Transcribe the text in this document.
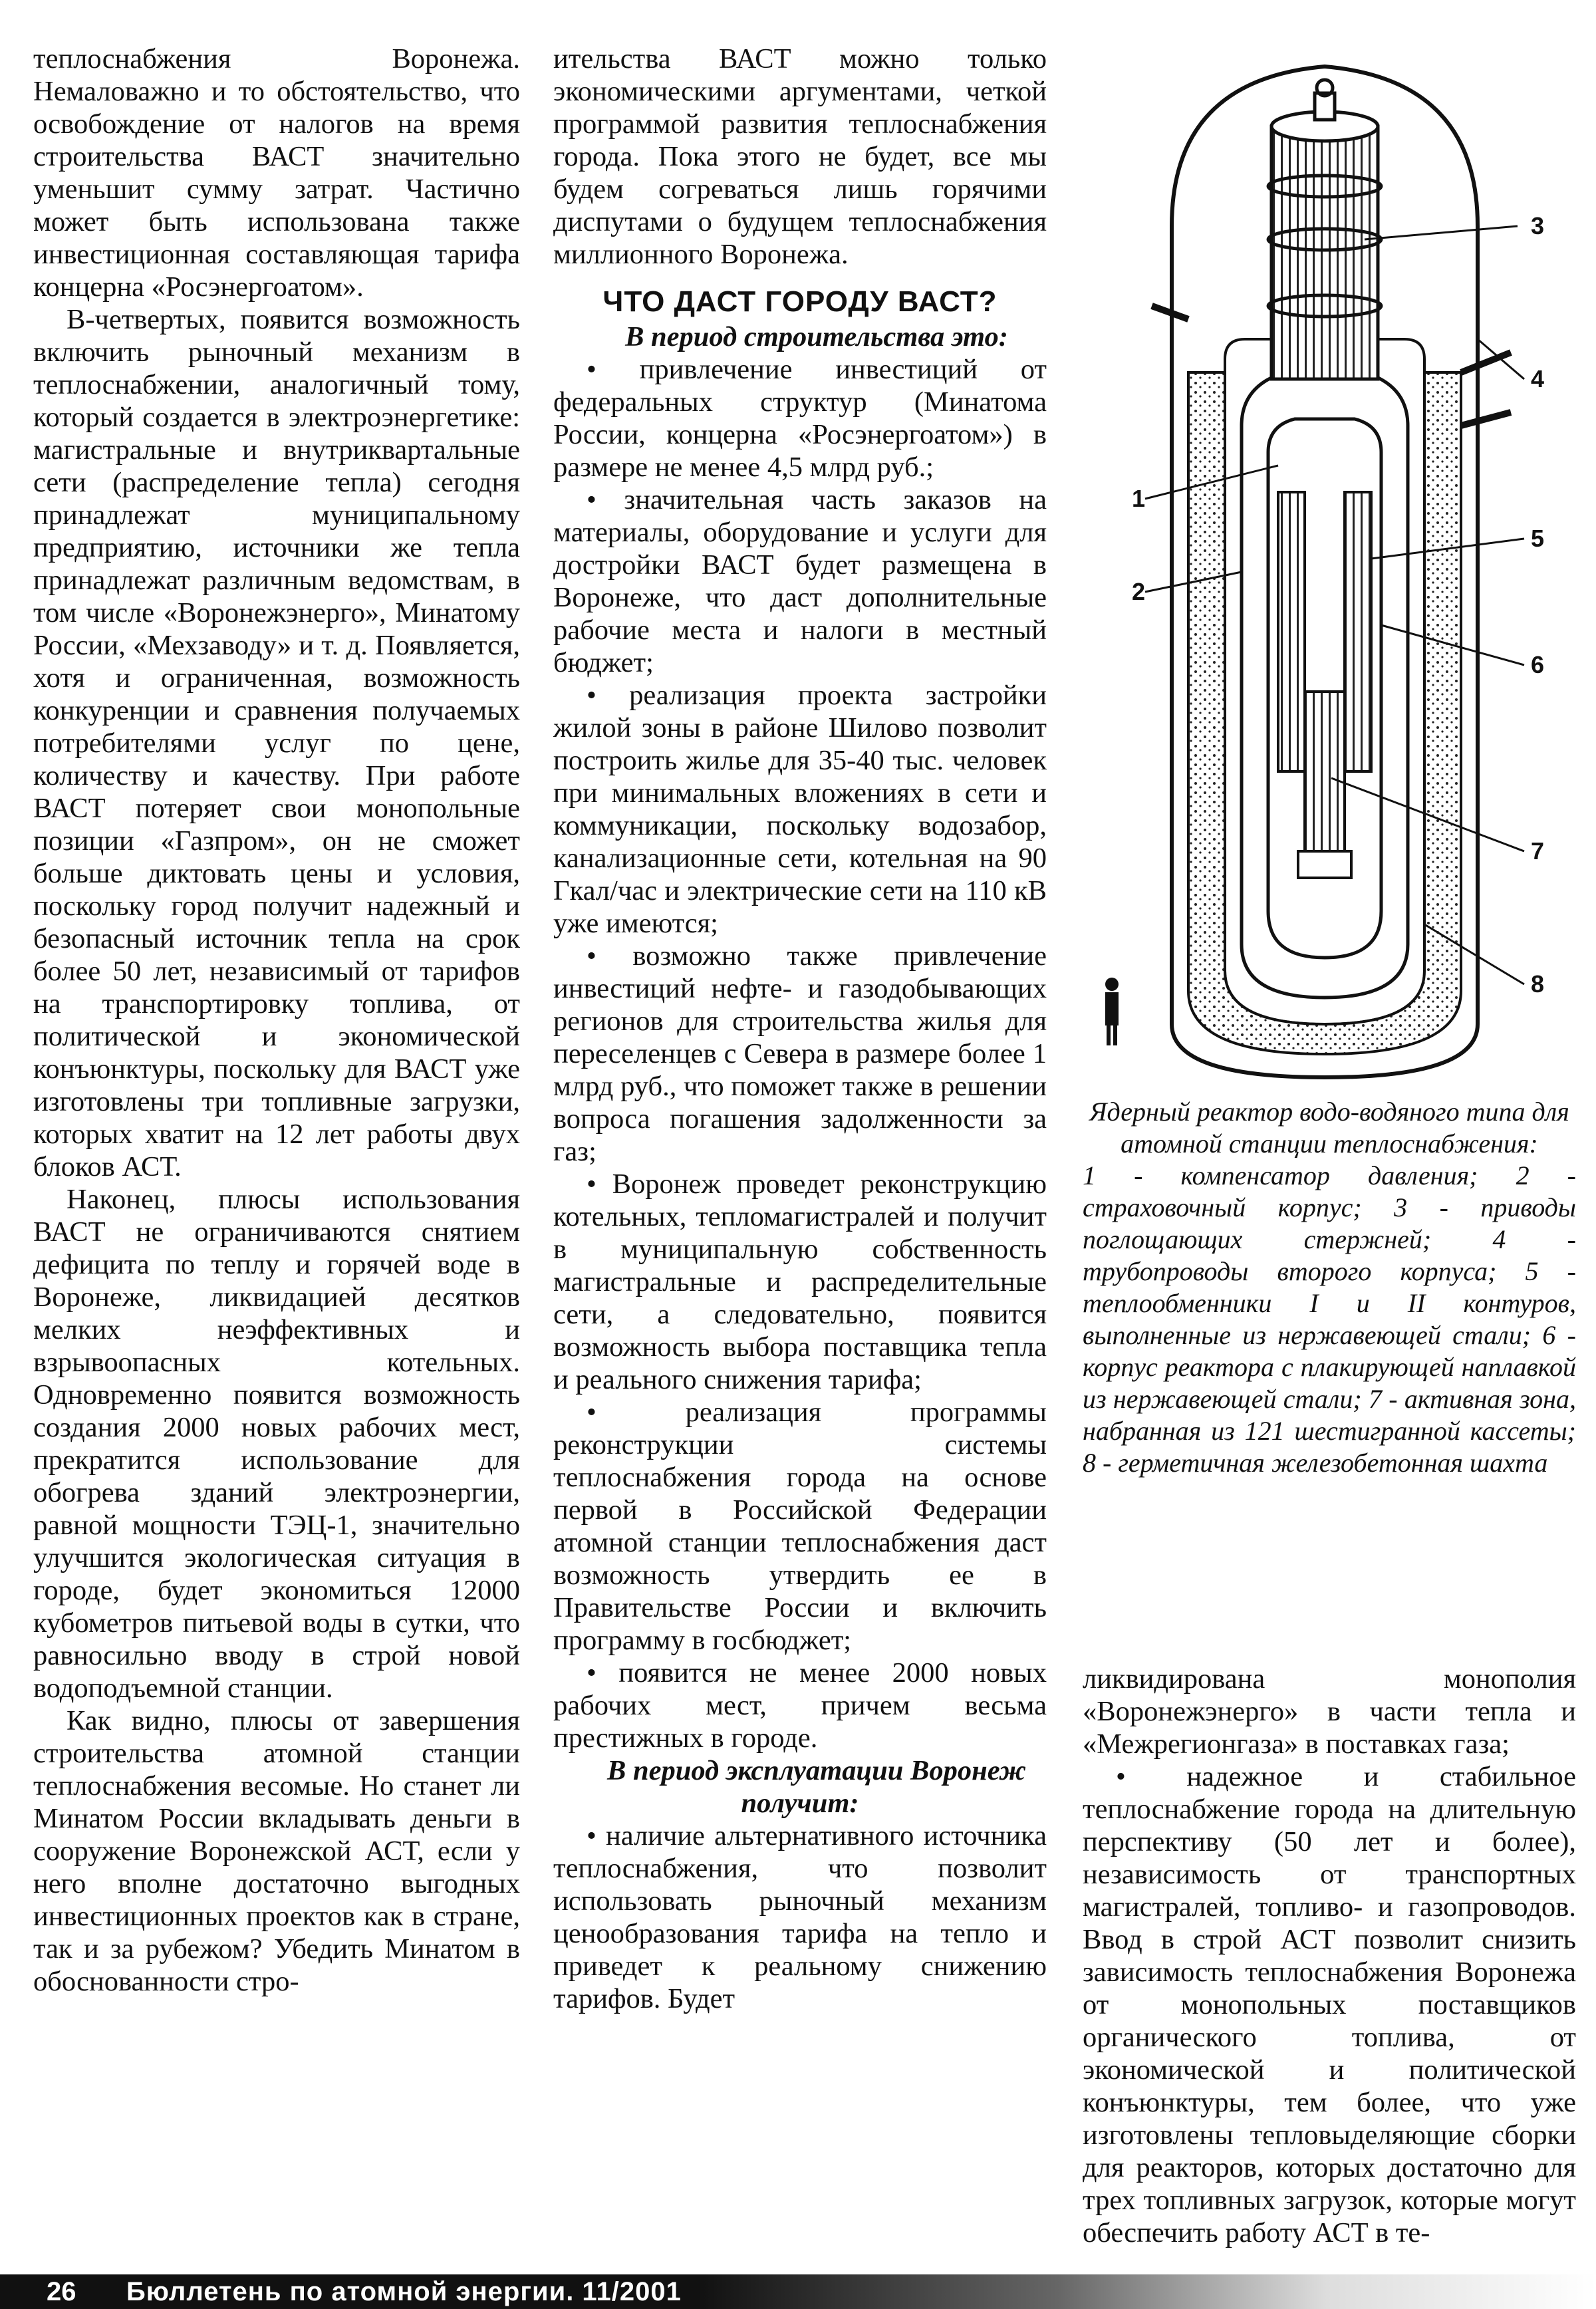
теплоснабжения Воронежа. Немаловажно и то обстоятельство, что освобождение от налогов на время строительства ВАСТ значительно уменьшит сумму затрат. Частично может быть использована также инвестиционная составляющая тарифа концерна «Росэнергоатом».

В-четвертых, появится возможность включить рыночный механизм в теплоснабжении, аналогичный тому, который создается в электроэнергетике: магистральные и внутриквартальные сети (распределение тепла) сегодня принадлежат муниципальному предприятию, источники же тепла принадлежат различным ведомствам, в том числе «Воронежэнерго», Минатому России, «Мехзаводу» и т. д. Появляется, хотя и ограниченная, возможность конкуренции и сравнения получаемых потребителями услуг по цене, количеству и качеству. При работе ВАСТ потеряет свои монопольные позиции «Газпром», он не сможет больше диктовать цены и условия, поскольку город получит надежный и безопасный источник тепла на срок более 50 лет, независимый от тарифов на транспортировку топлива, от политической и экономической конъюнктуры, поскольку для ВАСТ уже изготовлены три топливные загрузки, которых хватит на 12 лет работы двух блоков АСТ.

Наконец, плюсы использования ВАСТ не ограничиваются снятием дефицита по теплу и горячей воде в Воронеже, ликвидацией десятков мелких неэффективных и взрывоопасных котельных. Одновременно появится возможность создания 2000 новых рабочих мест, прекратится использование для обогрева зданий электроэнергии, равной мощности ТЭЦ-1, значительно улучшится экологическая ситуация в городе, будет экономиться 12000 кубометров питьевой воды в сутки, что равносильно вводу в строй новой водоподъемной станции.

Как видно, плюсы от завершения строительства атомной станции теплоснабжения весомые. Но станет ли Минатом России вкладывать деньги в сооружение Воронежской АСТ, если у него вполне достаточно выгодных инвестиционных проектов как в стране, так и за рубежом? Убедить Минатом в обоснованности стро-

ительства ВАСТ можно только экономическими аргументами, четкой программой развития теплоснабжения города. Пока этого не будет, все мы будем согреваться лишь горячими диспутами о будущем теплоснабжения миллионного Воронежа.

ЧТО ДАСТ ГОРОДУ ВАСТ?

В период строительства это:

• привлечение инвестиций от федеральных структур (Минатома России, концерна «Росэнергоатом») в размере не менее 4,5 млрд руб.;

• значительная часть заказов на материалы, оборудование и услуги для достройки ВАСТ будет размещена в Воронеже, что даст дополнительные рабочие места и налоги в местный бюджет;

• реализация проекта застройки жилой зоны в районе Шилово позволит построить жилье для 35-40 тыс. человек при минимальных вложениях в сети и коммуникации, поскольку водозабор, канализационные сети, котельная на 90 Гкал/час и электрические сети на 110 кВ уже имеются;

• возможно также привлечение инвестиций нефте- и газодобывающих регионов для строительства жилья для переселенцев с Севера в размере более 1 млрд руб., что поможет также в решении вопроса погашения задолженности за газ;

• Воронеж проведет реконструкцию котельных, тепломагистралей и получит в муниципальную собственность магистральные и распределительные сети, а следовательно, появится возможность выбора поставщика тепла и реального снижения тарифа;

• реализация программы реконструкции системы теплоснабжения города на основе первой в Российской Федерации атомной станции теплоснабжения даст возможность утвердить ее в Правительстве России и включить программу в госбюджет;

• появится не менее 2000 новых рабочих мест, причем весьма престижных в городе.

В период эксплуатации Воронеж получит:

• наличие альтернативного источника теплоснабжения, что позволит использовать рыночный механизм ценообразования тарифа на тепло и приведет к реальному снижению тарифов. Будет

1
2
3
4
5
6
7
8
Ядерный реактор водо-водяного типа для атомной станции теплоснабжения:
1 - компенсатор давления; 2 - страховочный корпус; 3 - приводы поглощающих стержней; 4 - трубопроводы второго корпуса; 5 - теплообменники I и II контуров, выполненные из нержавеющей стали; 6 - корпус реактора с плакирующей наплавкой из нержавеющей стали; 7 - активная зона, набранная из 121 шестигранной кассеты; 8 - герметичная железобетонная шахта

ликвидирована монополия «Воронежэнерго» в части тепла и «Межрегионгаза» в поставках газа;

• надежное и стабильное теплоснабжение города на длительную перспективу (50 лет и более), независимость от транспортных магистралей, топливо- и газопроводов. Ввод в строй АСТ позволит снизить зависимость теплоснабжения Воронежа от монопольных поставщиков органического топлива, от экономической и политической конъюнктуры, тем более, что уже изготовлены тепловыделяющие сборки для реакторов, которых достаточно для трех топливных загрузок, которые могут обеспечить работу АСТ в те-

26 Бюллетень по атомной энергии. 11/2001
